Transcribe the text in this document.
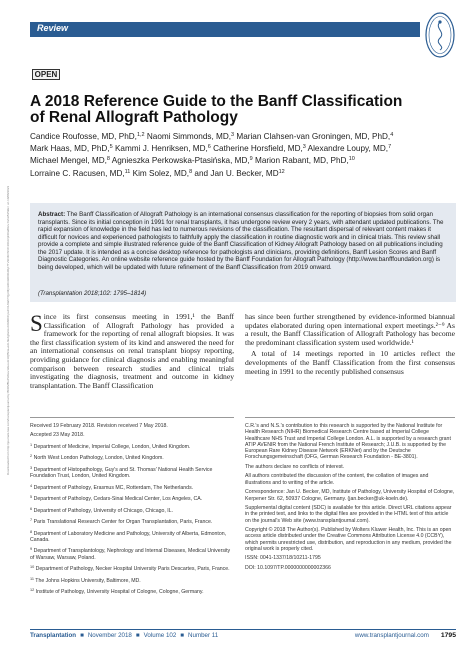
Review
OPEN
A 2018 Reference Guide to the Banff Classification
of Renal Allograft Pathology

Candice Roufosse, MD, PhD,$^{1,2}$ Naomi Simmonds, MD,$^3$ Marian Clahsen-van Groningen, MD, PhD,$^4$

Mark Haas, MD, PhD,$^5$ Kammi J. Henriksen, MD,$^6$ Catherine Horsfield, MD,$^3$ Alexandre Loupy, MD,$^7$

Michael Mengel, MD,$^8$ Agnieszka Perkowska-Ptasińska, MD,$^9$ Marion Rabant, MD, PhD,$^{10}$

Lorraine C. Racusen, MD,$^{11}$ Kim Solez, MD,$^8$ and Jan U. Becker, MD$^{12}$

Downloaded from http://journals.lww.com/transplantjournal by BhDMf5ePHKav1zEoum1tQfN4a+kJLhEZgbsIHo4XMi0hCywCX1AWnYQp/IlQrHD3i3D0OdRyi7TvSFl4Cf3VC4/OAVpDDa8K2+Ya6H515kE= on 10/08/2023	Abstract: The Banff Classification of Allograft Pathology is an international consensus classification for the reporting of biopsies from solid organ transplants. Since its initial conception in 1991 for renal transplants, it has undergone review every 2 years, with attendant updated publications. The rapid expansion of knowledge in the field has led to numerous revisions of the classification. The resultant dispersal of relevant content makes it difficult for novices and experienced pathologists to faithfully apply the classification in routine diagnostic work and in clinical trials. This review shall provide a complete and simple illustrated reference guide of the Banff Classification of Kidney Allograft Pathology based on all publications including the 2017 update. It is intended as a concise desktop reference for pathologists and clinicians, providing definitions, Banff Lesion Scores and Banff Diagnostic Categories. An online website reference guide hosted by the Banff Foundation for Allograft Pathology (http://www.banfffoundation.org) is being developed, which will be updated with future refinement of the Banff Classification from 2019 onward.

(Transplantation 2018;102: 1795–1814)
Since its first consensus meeting in 1991,¹ the Banff Classification of Allograft Pathology has provided a framework for the reporting of renal allograft biopsies. It was the first classification system of its kind and answered the need for an international consensus on renal transplant biopsy reporting, providing guidance for clinical diagnosis and enabling meaningful comparison between research studies and clinical trials investigating the diagnosis, treatment and outcome in kidney transplantation. The Banff Classification

has since been further strengthened by evidence-informed biannual updates elaborated during open international expert meetings.²⁻⁹ As a result, the Banff Classification of Allograft Pathology has become the predominant classification system used worldwide.¹

A total of 14 meetings reported in 10 articles reflect the developments of the Banff Classification from the first consensus meeting in 1991 to the recently published consensus

Received 19 February 2018. Revision received 7 May 2018.

Accepted 23 May 2018.

$^1$ Department of Medicine, Imperial College, London, United Kingdom.

$^2$ North West London Pathology, London, United Kingdom.

$^3$ Department of Histopathology, Guy's and St. Thomas' National Health Service Foundation Trust, London, United Kingdom.

$^4$ Department of Pathology, Erasmus MC, Rotterdam, The Netherlands.

$^5$ Department of Pathology, Cedars-Sinai Medical Center, Los Angeles, CA.

$^6$ Department of Pathology, University of Chicago, Chicago, IL.

$^7$ Paris Translational Research Center for Organ Transplantation, Paris, France.

$^8$ Department of Laboratory Medicine and Pathology, University of Alberta, Edmonton, Canada.

$^9$ Department of Transplantology, Nephrology and Internal Diseases, Medical University of Warsaw, Warsaw, Poland.

$^{10}$ Department of Pathology, Necker Hospital University Paris Descartes, Paris, France.

$^{11}$ The Johns Hopkins University, Baltimore, MD.

$^{12}$ Institute of Pathology, University Hospital of Cologne, Cologne, Germany.

C.R.'s and N.S.'s contribution to this research is supported by the National Institute for Health Research (NIHR) Biomedical Research Centre based at Imperial College Healthcare NHS Trust and Imperial College London. A.L. is supported by a research grant ATIP AVENIR from the National French Institute of Research; J.U.B. is supported by the European Rare Kidney Disease Network (ERKNet) and by the Deutsche Forschungsgemeinschaft (DFG, German Research Foundation - BE-3801).

The authors declare no conflicts of interest.

All authors contributed the discussion of the content, the collation of images and illustrations and to writing of the article.

Correspondence: Jan U. Becker, MD, Institute of Pathology, University Hospital of Cologne, Kerpener Str. 62, 50937 Cologne, Germany. (jan.becker@uk-koeln.de).

Supplemental digital content (SDC) is available for this article. Direct URL citations appear in the printed text, and links to the digital files are provided in the HTML text of this article on the journal's Web site (www.transplantjournal.com).

Copyright © 2018 The Author(s). Published by Wolters Kluwer Health, Inc. This is an open access article distributed under the Creative Commons Attribution License 4.0 (CCBY), which permits unrestricted use, distribution, and reproduction in any medium, provided the original work is properly cited.

ISSN: 0041-1337/18/10211-1795

DOI: 10.1097/TP.0000000000002366

Transplantation ■ November 2018 ■ Volume 102 ■ Number 11	www.transplantjournal.com 1795
